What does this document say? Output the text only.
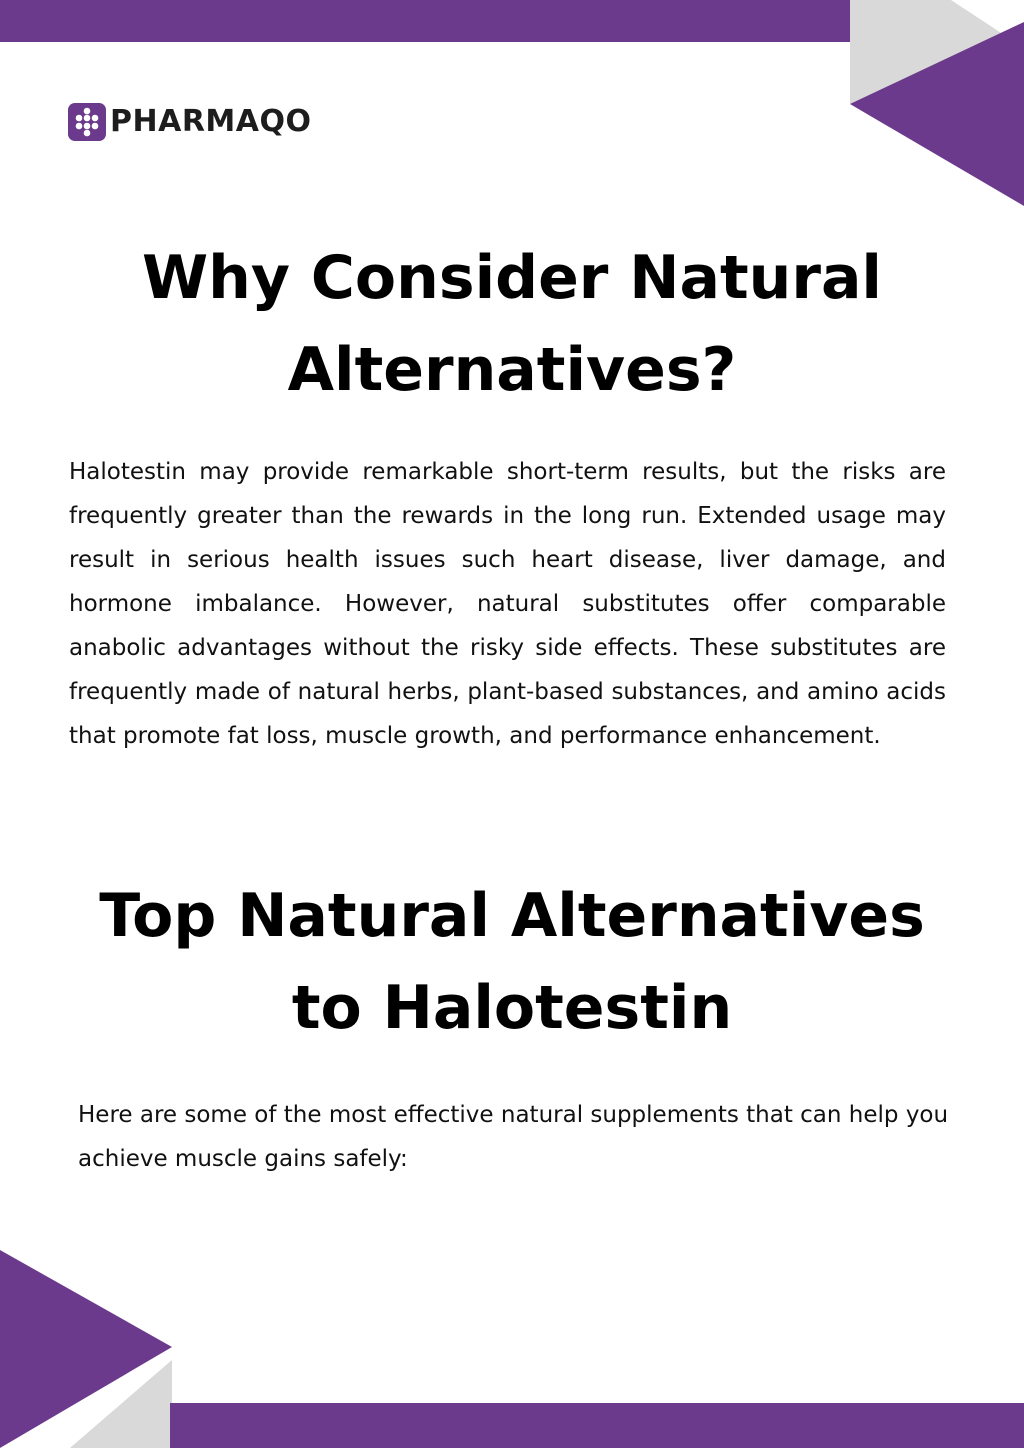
PHARMAQO
Why Consider Natural Alternatives?

Halotestin may provide remarkable short-term results, but the risks are frequently greater than the rewards in the long run. Extended usage may result in serious health issues such heart disease, liver damage, and hormone imbalance. However, natural substitutes offer comparable anabolic advantages without the risky side effects. These substitutes are frequently made of natural herbs, plant-based substances, and amino acids that promote fat loss, muscle growth, and performance enhancement.

Top Natural Alternatives to Halotestin

Here are some of the most effective natural supplements that can help you achieve muscle gains safely:
